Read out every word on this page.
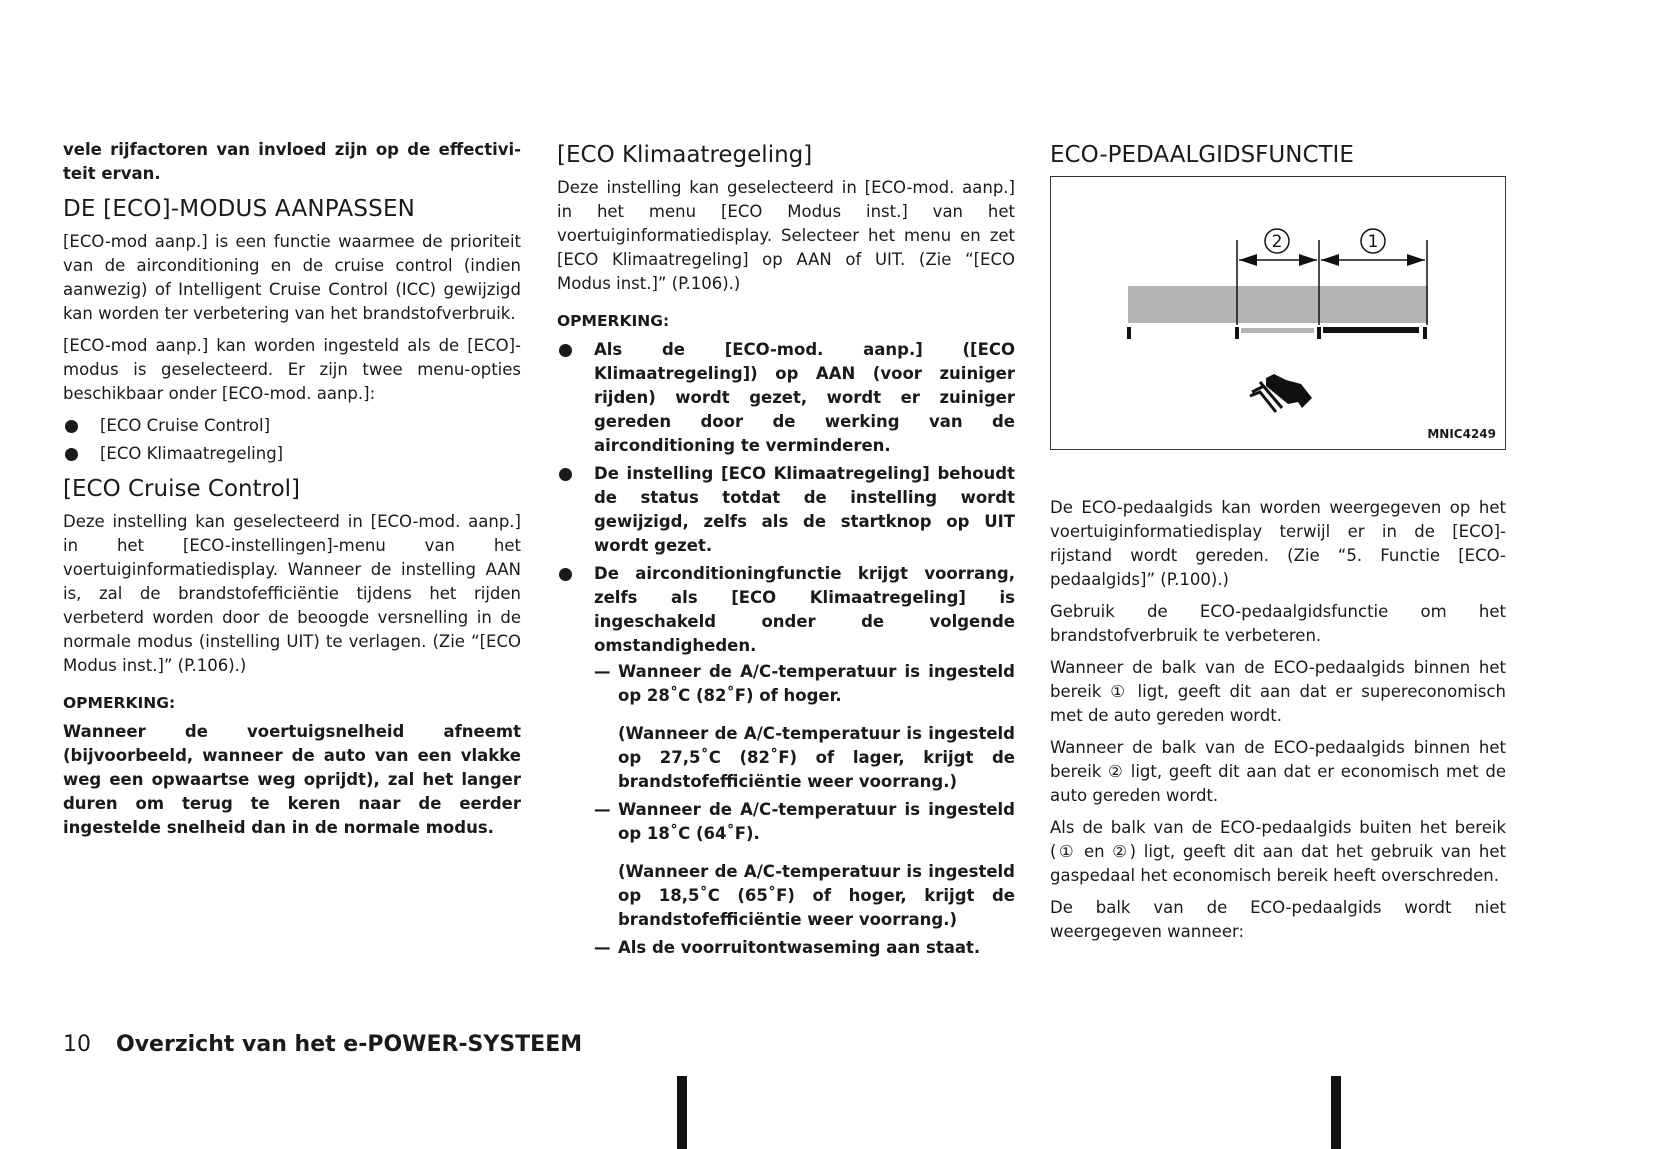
vele rijfactoren van invloed zijn op de effectivi-teit ervan.

DE [ECO]-MODUS AANPASSEN

[ECO-mod aanp.] is een functie waarmee de prioriteit van de airconditioning en de cruise control (indien aanwezig) of Intelligent Cruise Control (ICC) gewijzigd kan worden ter verbetering van het brandstofverbruik.

[ECO-mod aanp.] kan worden ingesteld als de [ECO]-modus is geselecteerd. Er zijn twee menu-opties beschikbaar onder [ECO-mod. aanp.]:

[ECO Cruise Control]
[ECO Klimaatregeling]
[ECO Cruise Control]

Deze instelling kan geselecteerd in [ECO-mod. aanp.] in het [ECO-instellingen]-menu van het voertuiginformatiedisplay. Wanneer de instelling AAN is, zal de brandstofefficiëntie tijdens het rijden verbeterd worden door de beoogde versnelling in de normale modus (instelling UIT) te verlagen. (Zie “[ECO Modus inst.]” (P.106).)

OPMERKING:

Wanneer de voertuigsnelheid afneemt (bijvoorbeeld, wanneer de auto van een vlakke weg een opwaartse weg oprijdt), zal het langer duren om terug te keren naar de eerder ingestelde snelheid dan in de normale modus.

[ECO Klimaatregeling]

Deze instelling kan geselecteerd in [ECO-mod. aanp.] in het menu [ECO Modus inst.] van het voertuiginformatiedisplay. Selecteer het menu en zet [ECO Klimaatregeling] op AAN of UIT. (Zie “[ECO Modus inst.]” (P.106).)

OPMERKING:
Als de [ECO-mod. aanp.] ([ECO Klimaatregeling]) op AAN (voor zuiniger rijden) wordt gezet, wordt er zuiniger gereden door de werking van de airconditioning te verminderen.
De instelling [ECO Klimaatregeling] behoudt de status totdat de instelling wordt gewijzigd, zelfs als de startknop op UIT wordt gezet.
De airconditioningfunctie krijgt voorrang, zelfs als [ECO Klimaatregeling] is ingeschakeld onder de volgende omstandigheden.
— Wanneer de A/C-temperatuur is ingesteld op 28˚C (82˚F) of hoger.
(Wanneer de A/C-temperatuur is ingesteld op 27,5˚C (82˚F) of lager, krijgt de brandstofefficiëntie weer voorrang.)
— Wanneer de A/C-temperatuur is ingesteld op 18˚C (64˚F).
(Wanneer de A/C-temperatuur is ingesteld op 18,5˚C (65˚F) of hoger, krijgt de brandstofefficiëntie weer voorrang.)
— Als de voorruitontwaseming aan staat.
ECO-PEDAALGIDSFUNCTIE
2	1
MNIC4249

De ECO-pedaalgids kan worden weergegeven op het voertuiginformatiedisplay terwijl er in de [ECO]-rijstand wordt gereden. (Zie “5. Functie [ECO-pedaalgids]” (P.100).)

Gebruik de ECO-pedaalgidsfunctie om het brandstofverbruik te verbeteren.

Wanneer de balk van de ECO-pedaalgids binnen het bereik ① ligt, geeft dit aan dat er supereconomisch met de auto gereden wordt.

Wanneer de balk van de ECO-pedaalgids binnen het bereik ② ligt, geeft dit aan dat er economisch met de auto gereden wordt.

Als de balk van de ECO-pedaalgids buiten het bereik (① en ②) ligt, geeft dit aan dat het gebruik van het gaspedaal het economisch bereik heeft overschreden.

De balk van de ECO-pedaalgids wordt niet weergegeven wanneer:

10 Overzicht van het e-POWER-SYSTEEM
